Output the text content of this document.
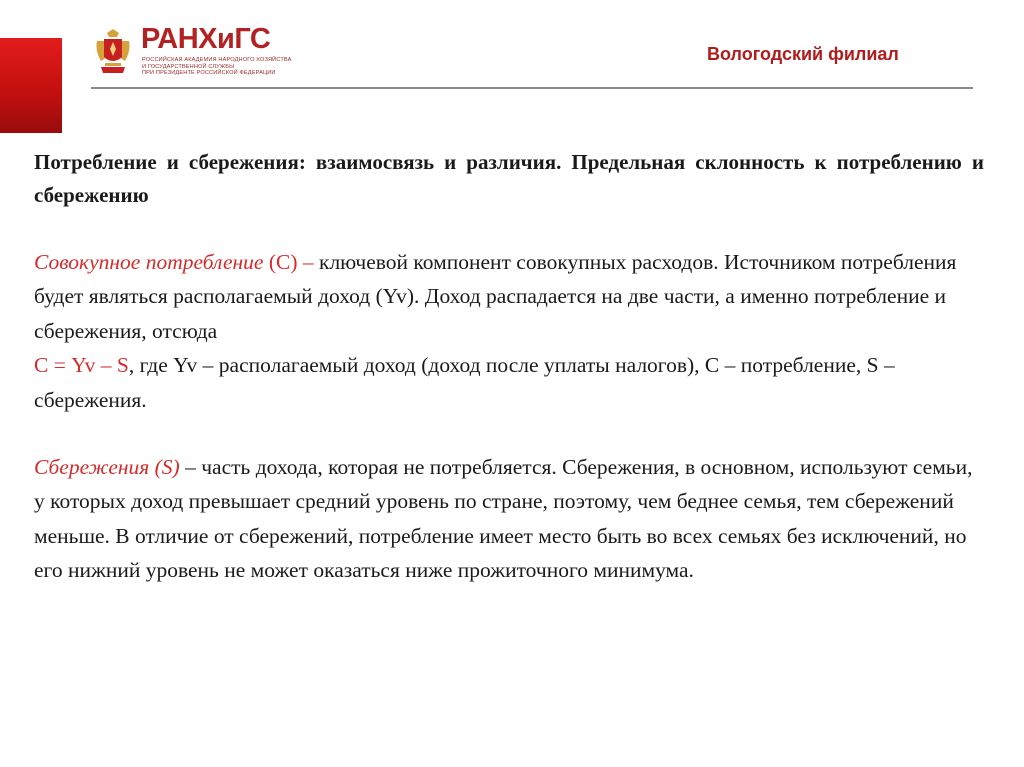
РАНХиГС
РОССИЙСКАЯ АКАДЕМИЯ НАРОДНОГО ХОЗЯЙСТВА
И ГОСУДАРСТВЕННОЙ СЛУЖБЫ
ПРИ ПРЕЗИДЕНТЕ РОССИЙСКОЙ ФЕДЕРАЦИИ
Вологодский филиал
Потребление и сбережения: взаимосвязь и различия. Предельная склонность к потреблению и сбережению

Совокупное потребление (С) – ключевой компонент совокупных расходов. Источником потребления будет являться располагаемый доход (Yv). Доход распадается на две части, а именно потребление и сбережения, отсюда
С = Yv – S, где Yv – располагаемый доход (доход после уплаты налогов), С – потребление, S – сбережения.

Сбережения (S) – часть дохода, которая не потребляется. Сбережения, в основном, используют семьи, у которых доход превышает средний уровень по стране, поэтому, чем беднее семья, тем сбережений меньше. В отличие от сбережений, потребление имеет место быть во всех семьях без исключений, но его нижний уровень не может оказаться ниже прожиточного минимума.
